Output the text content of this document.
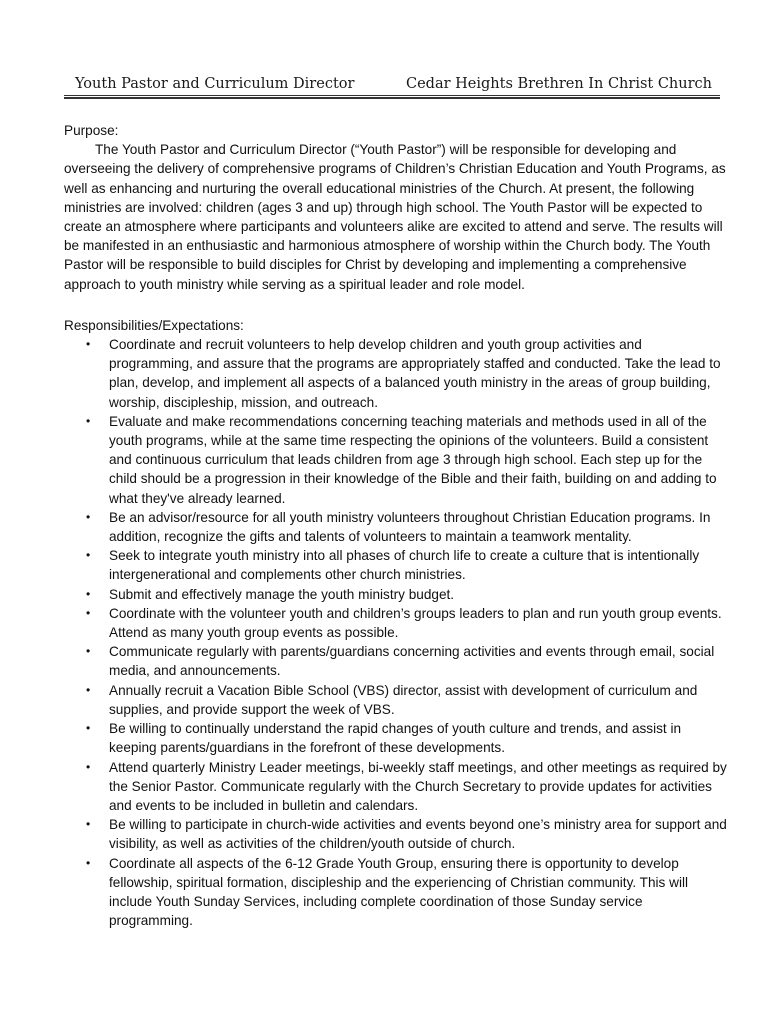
Youth Pastor and Curriculum Director	Cedar Heights Brethren In Christ Church

Purpose:

The Youth Pastor and Curriculum Director (“Youth Pastor”) will be responsible for developing and overseeing the delivery of comprehensive programs of Children’s Christian Education and Youth Programs, as well as enhancing and nurturing the overall educational ministries of the Church. At present, the following ministries are involved: children (ages 3 and up) through high school. The Youth Pastor will be expected to create an atmosphere where participants and volunteers alike are excited to attend and serve. The results will be manifested in an enthusiastic and harmonious atmosphere of worship within the Church body. The Youth Pastor will be responsible to build disciples for Christ by developing and implementing a comprehensive approach to youth ministry while serving as a spiritual leader and role model.

Responsibilities/Expectations:

• Coordinate and recruit volunteers to help develop children and youth group activities and programming, and assure that the programs are appropriately staffed and conducted. Take the lead to plan, develop, and implement all aspects of a balanced youth ministry in the areas of group building, worship, discipleship, mission, and outreach.
• Evaluate and make recommendations concerning teaching materials and methods used in all of the youth programs, while at the same time respecting the opinions of the volunteers. Build a consistent and continuous curriculum that leads children from age 3 through high school. Each step up for the child should be a progression in their knowledge of the Bible and their faith, building on and adding to what they've already learned.
• Be an advisor/resource for all youth ministry volunteers throughout Christian Education programs. In addition, recognize the gifts and talents of volunteers to maintain a teamwork mentality.
• Seek to integrate youth ministry into all phases of church life to create a culture that is intentionally intergenerational and complements other church ministries.
• Submit and effectively manage the youth ministry budget.
• Coordinate with the volunteer youth and children’s groups leaders to plan and run youth group events. Attend as many youth group events as possible.
• Communicate regularly with parents/guardians concerning activities and events through email, social media, and announcements.
• Annually recruit a Vacation Bible School (VBS) director, assist with development of curriculum and supplies, and provide support the week of VBS.
• Be willing to continually understand the rapid changes of youth culture and trends, and assist in keeping parents/guardians in the forefront of these developments.
• Attend quarterly Ministry Leader meetings, bi-weekly staff meetings, and other meetings as required by the Senior Pastor. Communicate regularly with the Church Secretary to provide updates for activities and events to be included in bulletin and calendars.
• Be willing to participate in church-wide activities and events beyond one’s ministry area for support and visibility, as well as activities of the children/youth outside of church.
• Coordinate all aspects of the 6-12 Grade Youth Group, ensuring there is opportunity to develop fellowship, spiritual formation, discipleship and the experiencing of Christian community. This will include Youth Sunday Services, including complete coordination of those Sunday service programming.
